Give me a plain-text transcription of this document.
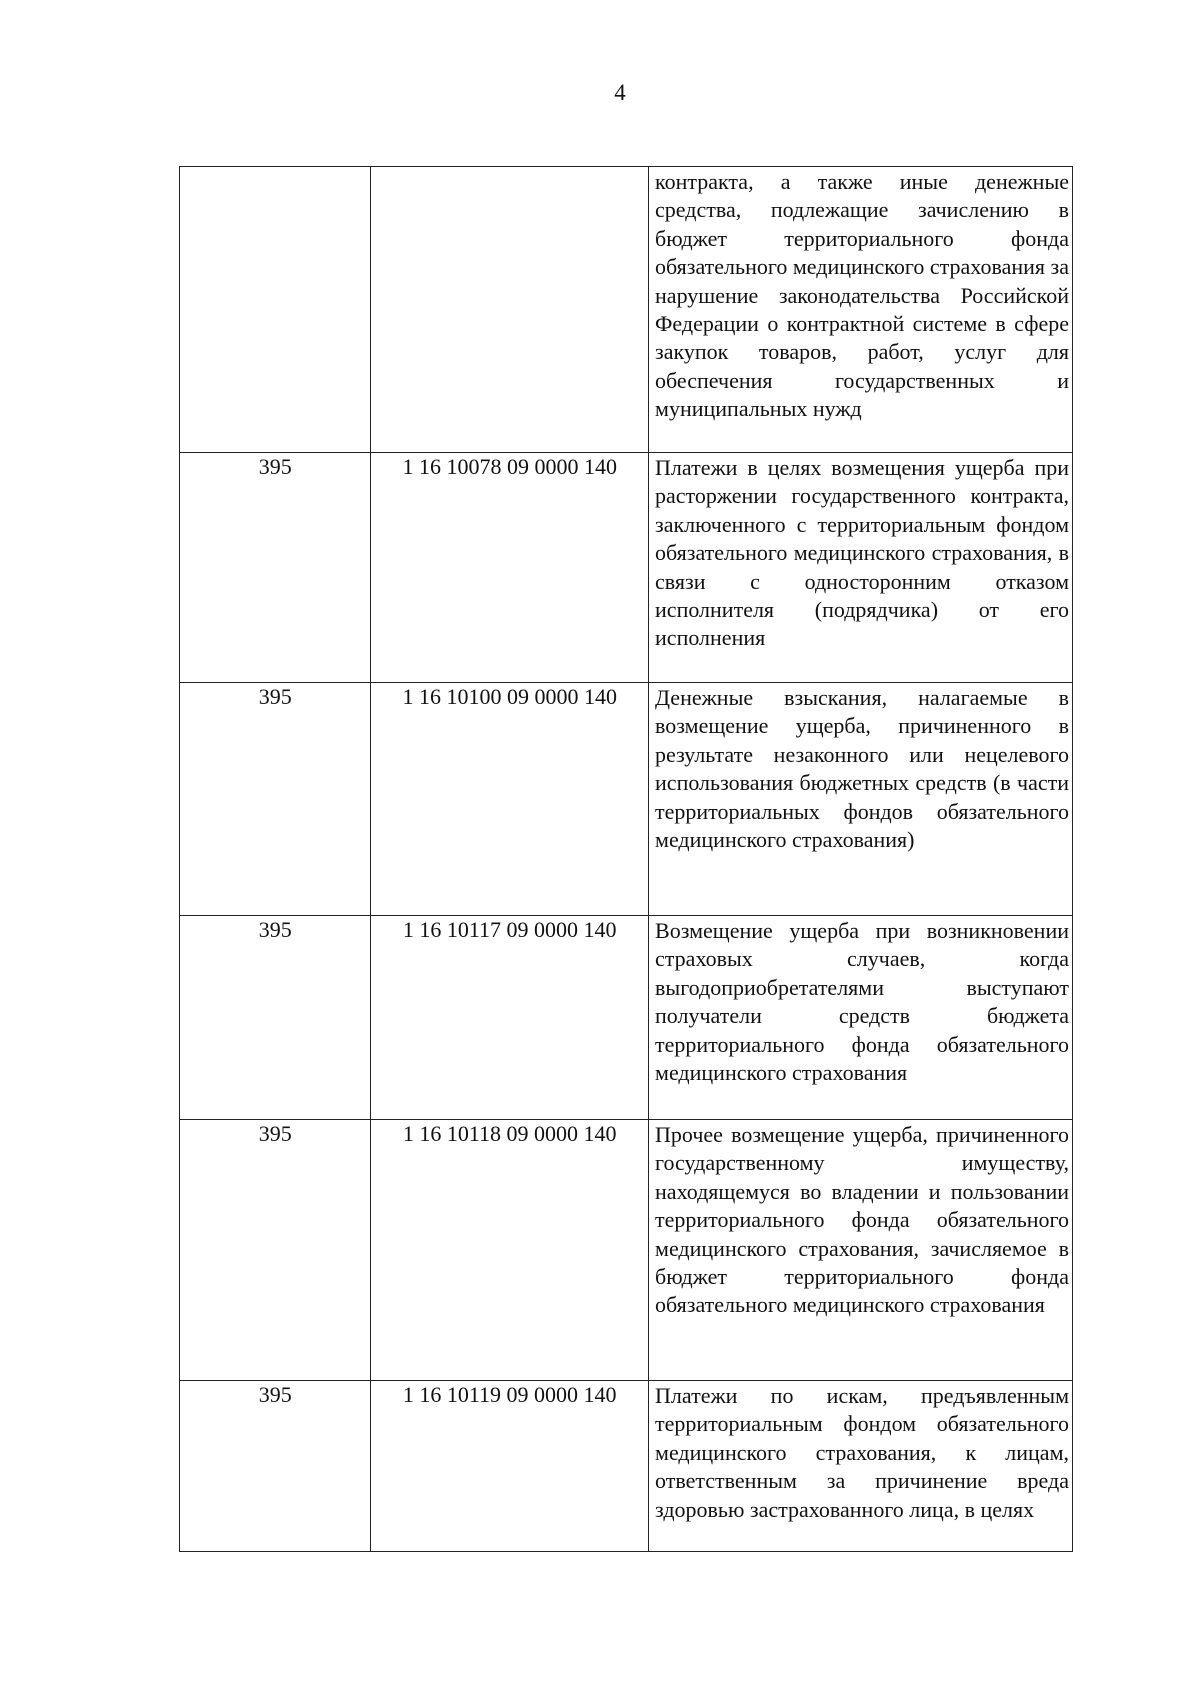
4

		контракта, а также иные денежные средства, подлежащие зачислению в бюджет территориального фонда обязательного медицинского страхования за нарушение законодательства Российской Федерации о контрактной системе в сфере закупок товаров, работ, услуг для обеспечения государственных и муниципальных нужд

395	1 16 10078 09 0000 140	Платежи в целях возмещения ущерба при расторжении государственного контракта, заключенного с территориальным фондом обязательного медицинского страхования, в связи с односторонним отказом исполнителя (подрядчика) от его исполнения

395	1 16 10100 09 0000 140	Денежные взыскания, налагаемые в возмещение ущерба, причиненного в результате незаконного или нецелевого использования бюджетных средств (в части территориальных фондов обязательного медицинского страхования)

395	1 16 10117 09 0000 140	Возмещение ущерба при возникновении страховых случаев, когда выгодоприобретателями выступают получатели средств бюджета территориального фонда обязательного медицинского страхования

395	1 16 10118 09 0000 140	Прочее возмещение ущерба, причиненного государственному имуществу, находящемуся во владении и пользовании территориального фонда обязательного медицинского страхования, зачисляемое в бюджет территориального фонда обязательного медицинского страхования

395	1 16 10119 09 0000 140	Платежи по искам, предъявленным территориальным фондом обязательного медицинского страхования, к лицам, ответственным за причинение вреда здоровью застрахованного лица, в целях
